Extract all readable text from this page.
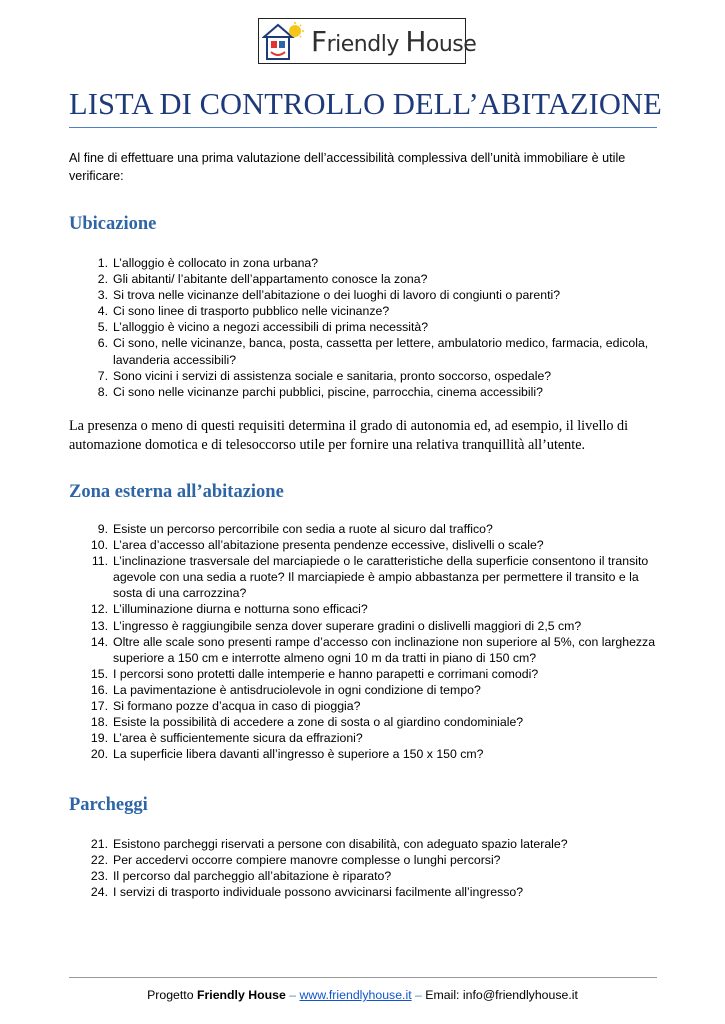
Friendly House
LISTA DI CONTROLLO DELL’ABITAZIONE
Al fine di effettuare una prima valutazione dell’accessibilità complessiva dell’unità immobiliare è utile verificare:
Ubicazione
1. L’alloggio è collocato in zona urbana?
2. Gli abitanti/ l’abitante dell’appartamento conosce la zona?
3. Si trova nelle vicinanze dell’abitazione o dei luoghi di lavoro di congiunti o parenti?
4. Ci sono linee di trasporto pubblico nelle vicinanze?
5. L’alloggio è vicino a negozi accessibili di prima necessità?
6. Ci sono, nelle vicinanze, banca, posta, cassetta per lettere, ambulatorio medico, farmacia, edicola, lavanderia accessibili?
7. Sono vicini i servizi di assistenza sociale e sanitaria, pronto soccorso, ospedale?
8. Ci sono nelle vicinanze parchi pubblici, piscine, parrocchia, cinema accessibili?
La presenza o meno di questi requisiti determina il grado di autonomia ed, ad esempio, il livello di automazione domotica e di telesoccorso utile per fornire una relativa tranquillità all’utente.
Zona esterna all’abitazione
9. Esiste un percorso percorribile con sedia a ruote al sicuro dal traffico?
10. L’area d’accesso all’abitazione presenta pendenze eccessive, dislivelli o scale?
11. L’inclinazione trasversale del marciapiede o le caratteristiche della superficie consentono il transito agevole con una sedia a ruote? Il marciapiede è ampio abbastanza per permettere il transito e la sosta di una carrozzina?
12. L’illuminazione diurna e notturna sono efficaci?
13. L’ingresso è raggiungibile senza dover superare gradini o dislivelli maggiori di 2,5 cm?
14. Oltre alle scale sono presenti rampe d’accesso con inclinazione non superiore al 5%, con larghezza superiore a 150 cm e interrotte almeno ogni 10 m da tratti in piano di 150 cm?
15. I percorsi sono protetti dalle intemperie e hanno parapetti e corrimani comodi?
16. La pavimentazione è antisdruciolevole in ogni condizione di tempo?
17. Si formano pozze d’acqua in caso di pioggia?
18. Esiste la possibilità di accedere a zone di sosta o al giardino condominiale?
19. L’area è sufficientemente sicura da effrazioni?
20. La superficie libera davanti all’ingresso è superiore a 150 x 150 cm?
Parcheggi
21. Esistono parcheggi riservati a persone con disabilità, con adeguato spazio laterale?
22. Per accedervi occorre compiere manovre complesse o lunghi percorsi?
23. Il percorso dal parcheggio all’abitazione è riparato?
24. I servizi di trasporto individuale possono avvicinarsi facilmente all’ingresso?
Progetto Friendly House – www.friendlyhouse.it – Email: info@friendlyhouse.it
